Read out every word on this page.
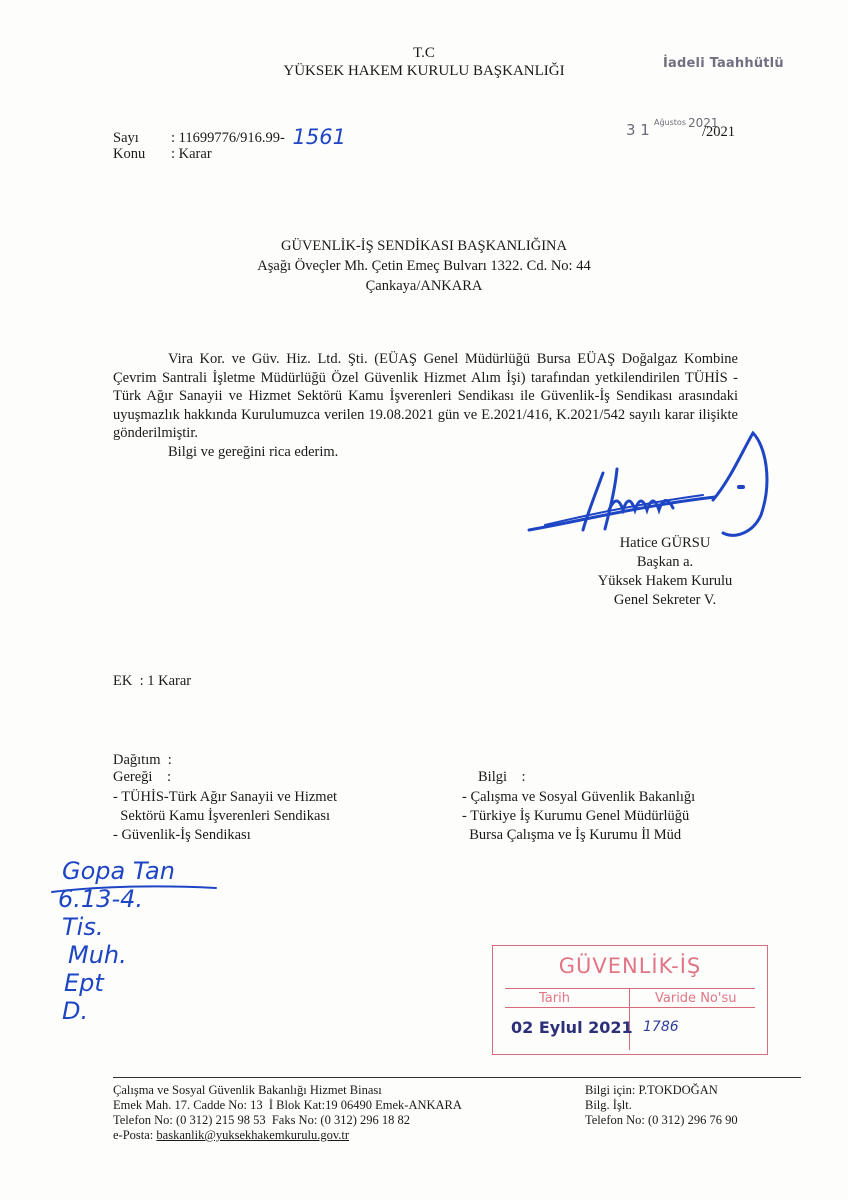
T.C
YÜKSEK HAKEM KURULU BAŞKANLIĞI	İadeli Taahhütlü
Sayı : 11699776/916.99- 1561
Konu : Karar
3 1 Ağustos 2021
/2021
GÜVENLİK-İŞ SENDİKASI BAŞKANLIĞINA
Aşağı Öveçler Mh. Çetin Emeç Bulvarı 1322. Cd. No: 44
Çankaya/ANKARA

Vira Kor. ve Güv. Hiz. Ltd. Şti. (EÜAŞ Genel Müdürlüğü Bursa EÜAŞ Doğalgaz Kombine Çevrim Santrali İşletme Müdürlüğü Özel Güvenlik Hizmet Alım İşi) tarafından yetkilendirilen TÜHİS - Türk Ağır Sanayii ve Hizmet Sektörü Kamu İşverenleri Sendikası ile Güvenlik-İş Sendikası arasındaki uyuşmazlık hakkında Kurulumuzca verilen 19.08.2021 gün ve E.2021/416, K.2021/542 sayılı karar ilişikte gönderilmiştir.

Bilgi ve gereğini rica ederim.

Hatice GÜRSU
Başkan a.
Yüksek Hakem Kurulu
Genel Sekreter V.
EK  : 1 Karar
Dağıtım  :
Gereği    :
- TÜHİS-Türk Ağır Sanayii ve Hizmet
Sektörü Kamu İşverenleri Sendikası
- Güvenlik-İş Sendikası
Bilgi    :
- Çalışma ve Sosyal Güvenlik Bakanlığı
- Türkiye İş Kurumu Genel Müdürlüğü
Bursa Çalışma ve İş Kurumu İl Müd
Gopa Tan
6.13-4.
Tis.
Muh.
Ept
D.
GÜVENLİK-İŞ
Tarih	Varide No'su
02 Eylul 2021 1786
Çalışma ve Sosyal Güvenlik Bakanlığı Hizmet Binası
Emek Mah. 17. Cadde No: 13  İ Blok Kat:19 06490 Emek-ANKARA
Telefon No: (0 312) 215 98 53  Faks No: (0 312) 296 18 82
e-Posta: baskanlik@yuksekhakemkurulu.gov.tr
Bilgi için: P.TOKDOĞAN
Bilg. İşlt.
Telefon No: (0 312) 296 76 90
